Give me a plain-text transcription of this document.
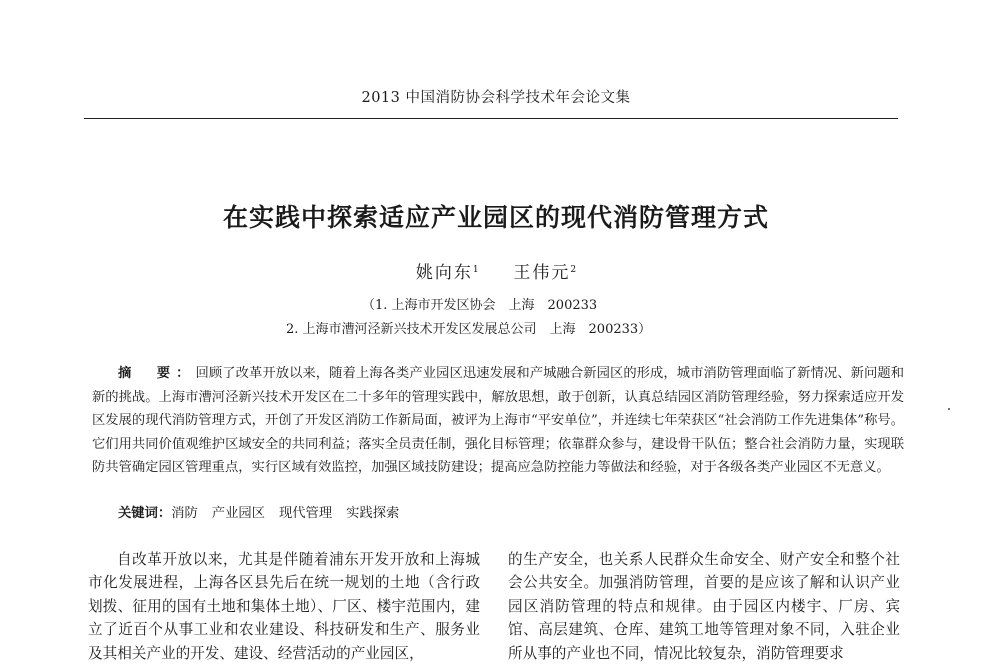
2013 中国消防协会科学技术年会论文集
在实践中探索适应产业园区的现代消防管理方式
姚向东$^1$ 王伟元$^2$
（1. 上海市开发区协会　上海　200233
2. 上海市漕河泾新兴技术开发区发展总公司　上海　200233）
摘　要：回顾了改革开放以来，随着上海各类产业园区迅速发展和产城融合新园区的形成，城市消防管理面临了新情况、新问题和新的挑战。上海市漕河泾新兴技术开发区在二十多年的管理实践中，解放思想，敢于创新，认真总结园区消防管理经验，努力探索适应开发区发展的现代消防管理方式，开创了开发区消防工作新局面，被评为上海市“平安单位”，并连续七年荣获区“社会消防工作先进集体”称号。它们用共同价值观维护区域安全的共同利益；落实全员责任制，强化目标管理；依靠群众参与，建设骨干队伍；整合社会消防力量，实现联防共管确定园区管理重点，实行区域有效监控，加强区域技防建设；提高应急防控能力等做法和经验，对于各级各类产业园区不无意义。
关键词：消防 产业园区 现代管理 实践探索
自改革开放以来，尤其是伴随着浦东开发开放和上海城市化发展进程，上海各区县先后在统一规划的土地（含行政划拨、征用的国有土地和集体土地）、厂区、楼宇范围内，建立了近百个从事工业和农业建设、科技研发和生产、服务业及其相关产业的开发、建设、经营活动的产业园区，
的生产安全，也关系人民群众生命安全、财产安全和整个社会公共安全。加强消防管理，首要的是应该了解和认识产业园区消防管理的特点和规律。由于园区内楼宇、厂房、宾馆、高层建筑、仓库、建筑工地等管理对象不同，入驻企业所从事的产业也不同，情况比较复杂，消防管理要求
